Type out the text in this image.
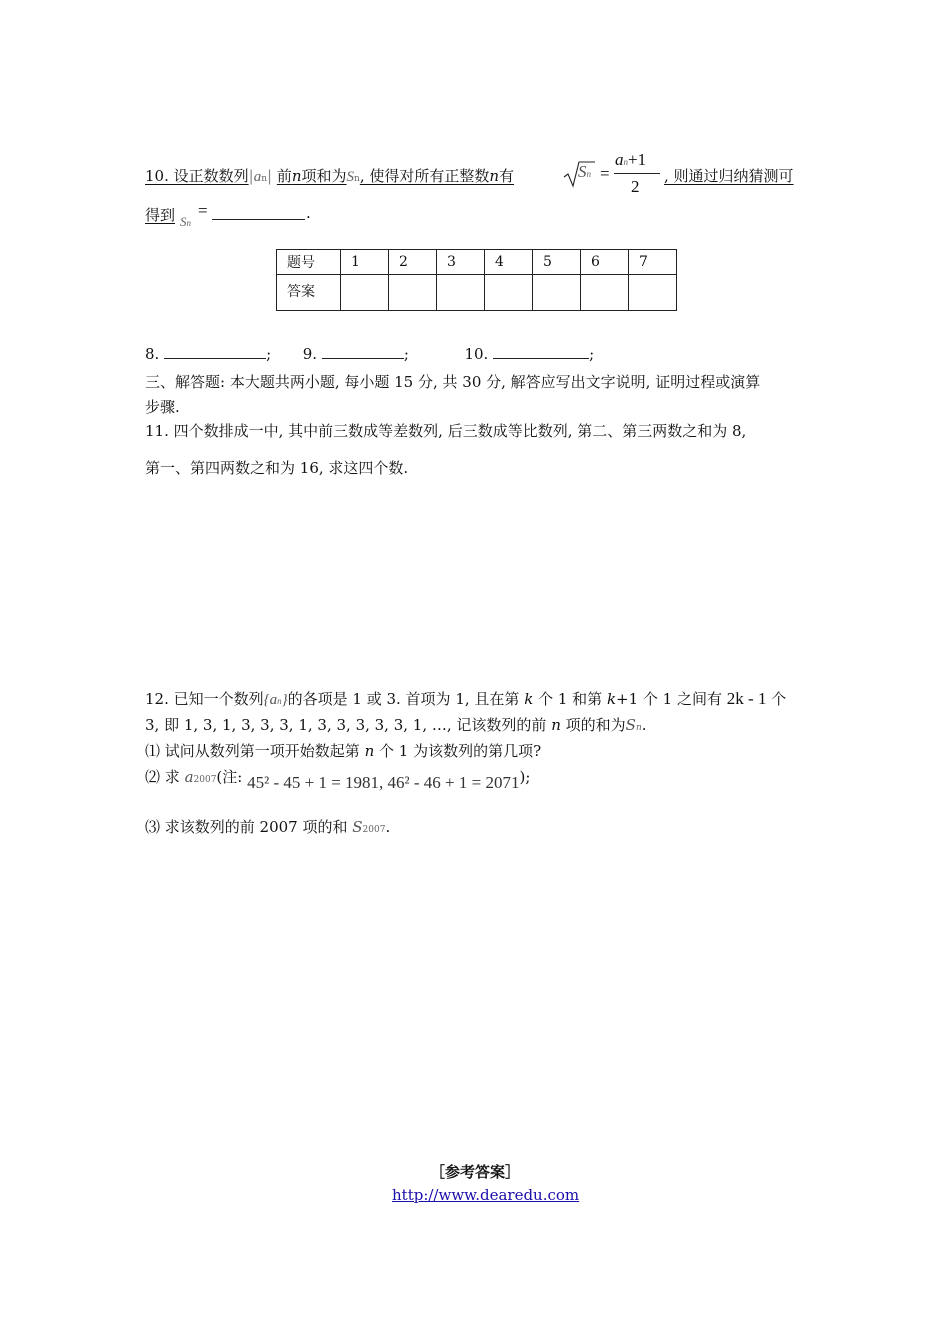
10. 设正数数列|an| 前n项和为Sn, 使得对所有正整数n有	Sn =
an+1
2
, 则通过归纳猜测可
得到 Sn
=	.
题号	1	2	3	4	5	6	7
答案							
8.	; 9.	;	10.	;
三、解答题: 本大题共两小题, 每小题 15 分, 共 30 分, 解答应写出文字说明, 证明过程或演算
步骤.
11. 四个数排成一中, 其中前三数成等差数列, 后三数成等比数列, 第二、第三两数之和为 8,
第一、第四两数之和为 16, 求这四个数.
12. 已知一个数列{an}的各项是 1 或 3. 首项为 1, 且在第 k 个 1 和第 k+1 个 1 之间有 2k - 1 个
3, 即 1, 3, 1, 3, 3, 3, 1, 3, 3, 3, 3, 3, 1, …, 记该数列的前 n 项的和为Sn.
⑴ 试问从数列第一项开始数起第 n 个 1 为该数列的第几项?
⑵ 求 a2007(注: 45² - 45 + 1 = 1981, 46² - 46 + 1 = 2071);
⑶ 求该数列的前 2007 项的和 S2007.
［参考答案］
http://www.dearedu.com
